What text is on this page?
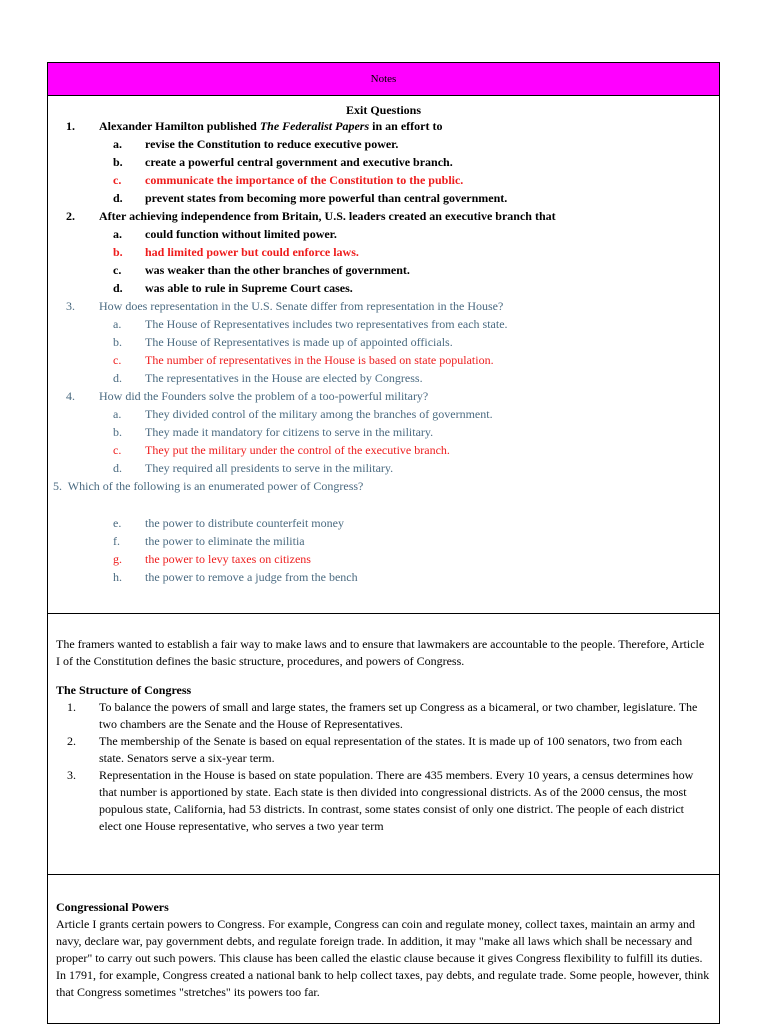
Notes
Exit Questions
1.	Alexander Hamilton published The Federalist Papers in an effort to

a.	revise the Constitution to reduce executive power.

b.	create a powerful central government and executive branch.

c.	communicate the importance of the Constitution to the public.

d.	prevent states from becoming more powerful than central government.

2.	After achieving independence from Britain, U.S. leaders created an executive branch that

a.	could function without limited power.

b.	had limited power but could enforce laws.

c.	was weaker than the other branches of government.

d.	was able to rule in Supreme Court cases.

3.	How does representation in the U.S. Senate differ from representation in the House?

a.	The House of Representatives includes two representatives from each state.

b.	The House of Representatives is made up of appointed officials.

c.	The number of representatives in the House is based on state population.

d.	The representatives in the House are elected by Congress.

4.	How did the Founders solve the problem of a too-powerful military?

a.	They divided control of the military among the branches of government.

b.	They made it mandatory for citizens to serve in the military.

c.	They put the military under the control of the executive branch.

d.	They required all presidents to serve in the military.

5. Which of the following is an enumerated power of Congress?
e.	the power to distribute counterfeit money

f.	the power to eliminate the militia

g.	the power to levy taxes on citizens

h.	the power to remove a judge from the bench

The framers wanted to establish a fair way to make laws and to ensure that lawmakers are accountable to the people. Therefore, Article I of the Constitution defines the basic structure, procedures, and powers of Congress.
The Structure of Congress
1. To balance the powers of small and large states, the framers set up Congress as a bicameral, or two chamber, legislature. The two chambers are the Senate and the House of Representatives.
2. The membership of the Senate is based on equal representation of the states. It is made up of 100 senators, two from each state. Senators serve a six-year term.
3. Representation in the House is based on state population. There are 435 members. Every 10 years, a census determines how that number is apportioned by state. Each state is then divided into congressional districts. As of the 2000 census, the most populous state, California, had 53 districts. In contrast, some states consist of only one district. The people of each district elect one House representative, who serves a two year term
Congressional Powers
Article I grants certain powers to Congress. For example, Congress can coin and regulate money, collect taxes, maintain an army and navy, declare war, pay government debts, and regulate foreign trade. In addition, it may "make all laws which shall be necessary and proper" to carry out such powers. This clause has been called the elastic clause because it gives Congress flexibility to fulfill its duties. In 1791, for example, Congress created a national bank to help collect taxes, pay debts, and regulate trade. Some people, however, think that Congress sometimes "stretches" its powers too far.
